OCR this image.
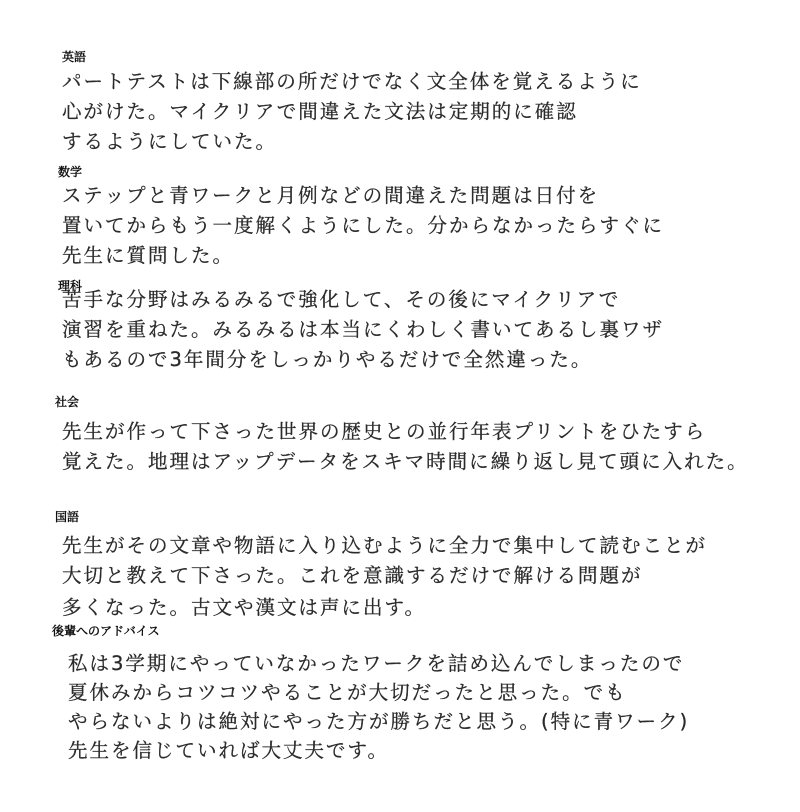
英語
パートテストは下線部の所だけでなく文全体を覚えるように
心がけた。マイクリアで間違えた文法は定期的に確認
するようにしていた。
数学
ステップと青ワークと月例などの間違えた問題は日付を
置いてからもう一度解くようにした。分からなかったらすぐに
先生に質問した。
理科
苦手な分野はみるみるで強化して、その後にマイクリアで
演習を重ねた。みるみるは本当にくわしく書いてあるし裏ワザ
もあるので3年間分をしっかりやるだけで全然違った。
社会
先生が作って下さった世界の歴史との並行年表プリントをひたすら
覚えた。地理はアップデータをスキマ時間に繰り返し見て頭に入れた。
国語
先生がその文章や物語に入り込むように全力で集中して読むことが
大切と教えて下さった。これを意識するだけで解ける問題が
多くなった。古文や漢文は声に出す。
後輩へのアドバイス
私は3学期にやっていなかったワークを詰め込んでしまったので
夏休みからコツコツやることが大切だったと思った。でも
やらないよりは絶対にやった方が勝ちだと思う。(特に青ワーク)
先生を信じていれば大丈夫です。
